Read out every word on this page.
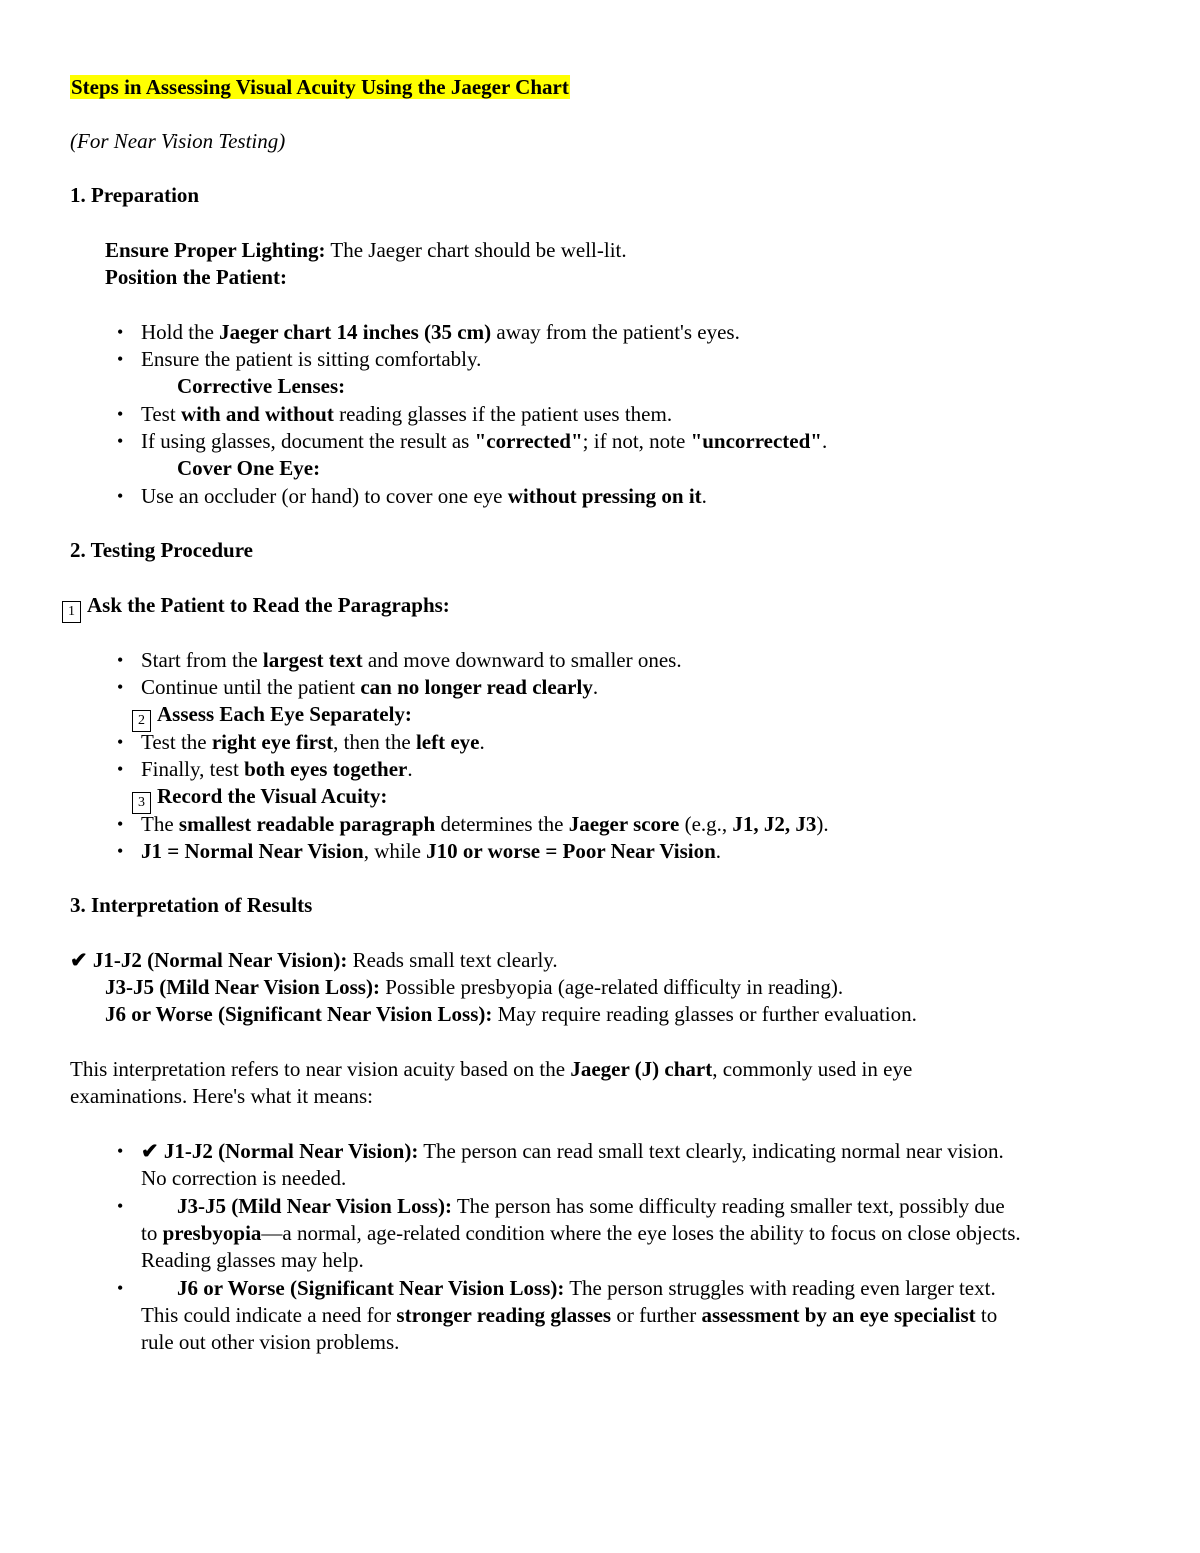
Steps in Assessing Visual Acuity Using the Jaeger Chart
(For Near Vision Testing)
1. Preparation
Ensure Proper Lighting: The Jaeger chart should be well-lit.
Position the Patient:
• Hold the Jaeger chart 14 inches (35 cm) away from the patient's eyes.
• Ensure the patient is sitting comfortably.
Corrective Lenses:
• Test with and without reading glasses if the patient uses them.
• If using glasses, document the result as "corrected"; if not, note "uncorrected".
Cover One Eye:
• Use an occluder (or hand) to cover one eye without pressing on it.
2. Testing Procedure
1 Ask the Patient to Read the Paragraphs:
• Start from the largest text and move downward to smaller ones.
• Continue until the patient can no longer read clearly.
2 Assess Each Eye Separately:
• Test the right eye first, then the left eye.
• Finally, test both eyes together.
3 Record the Visual Acuity:
• The smallest readable paragraph determines the Jaeger score (e.g., J1, J2, J3).
• J1 = Normal Near Vision, while J10 or worse = Poor Near Vision.
3. Interpretation of Results
✔ J1-J2 (Normal Near Vision): Reads small text clearly.
J3-J5 (Mild Near Vision Loss): Possible presbyopia (age-related difficulty in reading).
J6 or Worse (Significant Near Vision Loss): May require reading glasses or further evaluation.
This interpretation refers to near vision acuity based on the Jaeger (J) chart, commonly used in eye
examinations. Here's what it means:
• ✔ J1-J2 (Normal Near Vision): The person can read small text clearly, indicating normal near vision.
No correction is needed.
•	J3-J5 (Mild Near Vision Loss): The person has some difficulty reading smaller text, possibly due
to presbyopia—a normal, age-related condition where the eye loses the ability to focus on close objects.
Reading glasses may help.
•	J6 or Worse (Significant Near Vision Loss): The person struggles with reading even larger text.
This could indicate a need for stronger reading glasses or further assessment by an eye specialist to
rule out other vision problems.
